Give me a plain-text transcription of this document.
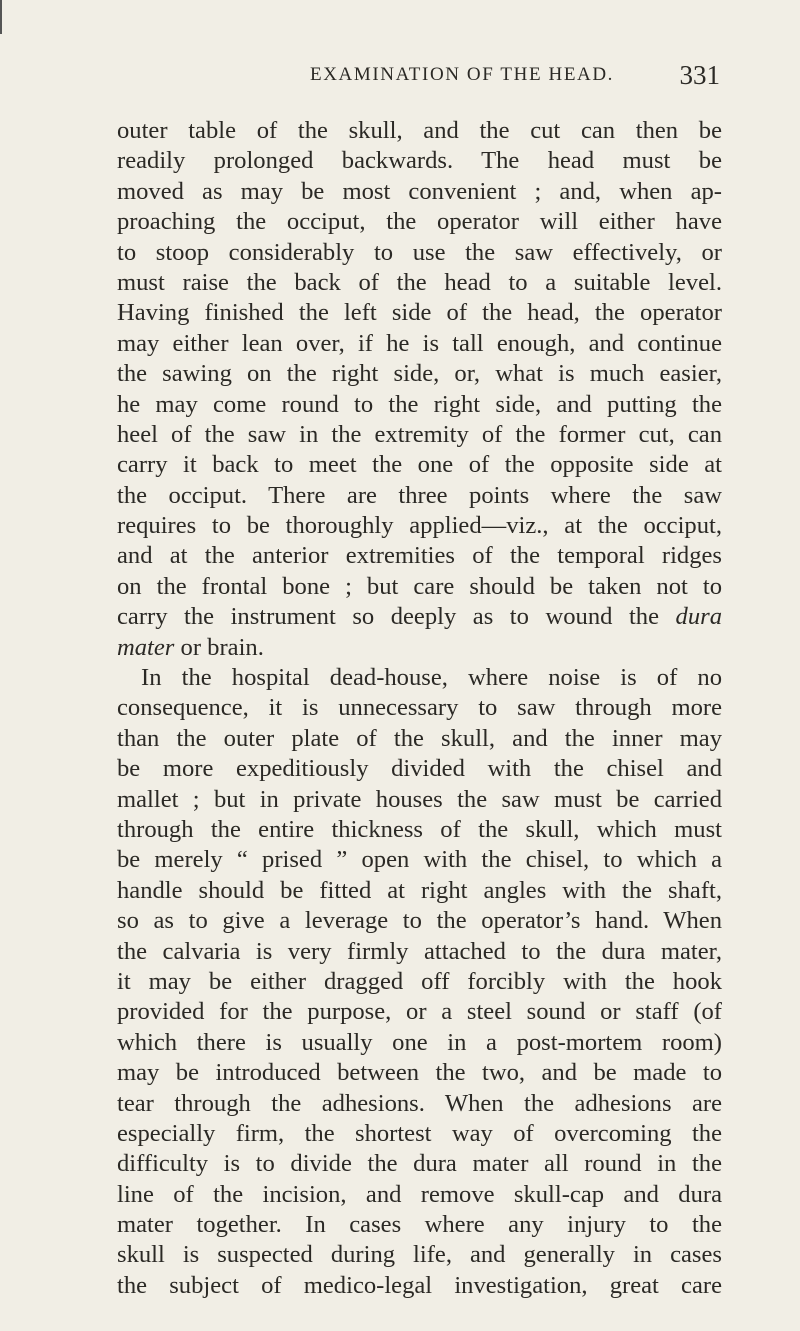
EXAMINATION OF THE HEAD. 331
outer table of the skull, and the cut can then be
readily prolonged backwards. The head must be
moved as may be most convenient ; and, when ap-
proaching the occiput, the operator will either have
to stoop considerably to use the saw effectively, or
must raise the back of the head to a suitable level.
Having finished the left side of the head, the operator
may either lean over, if he is tall enough, and continue
the sawing on the right side, or, what is much easier,
he may come round to the right side, and putting the
heel of the saw in the extremity of the former cut, can
carry it back to meet the one of the opposite side at
the occiput. There are three points where the saw
requires to be thoroughly applied—viz., at the occiput,
and at the anterior extremities of the temporal ridges
on the frontal bone ; but care should be taken not to
carry the instrument so deeply as to wound the dura
mater or brain.
In the hospital dead-house, where noise is of no
consequence, it is unnecessary to saw through more
than the outer plate of the skull, and the inner may
be more expeditiously divided with the chisel and
mallet ; but in private houses the saw must be carried
through the entire thickness of the skull, which must
be merely “ prised ” open with the chisel, to which a
handle should be fitted at right angles with the shaft,
so as to give a leverage to the operator’s hand. When
the calvaria is very firmly attached to the dura mater,
it may be either dragged off forcibly with the hook
provided for the purpose, or a steel sound or staff (of
which there is usually one in a post-mortem room)
may be introduced between the two, and be made to
tear through the adhesions. When the adhesions are
especially firm, the shortest way of overcoming the
difficulty is to divide the dura mater all round in the
line of the incision, and remove skull-cap and dura
mater together. In cases where any injury to the
skull is suspected during life, and generally in cases
the subject of medico-legal investigation, great care
